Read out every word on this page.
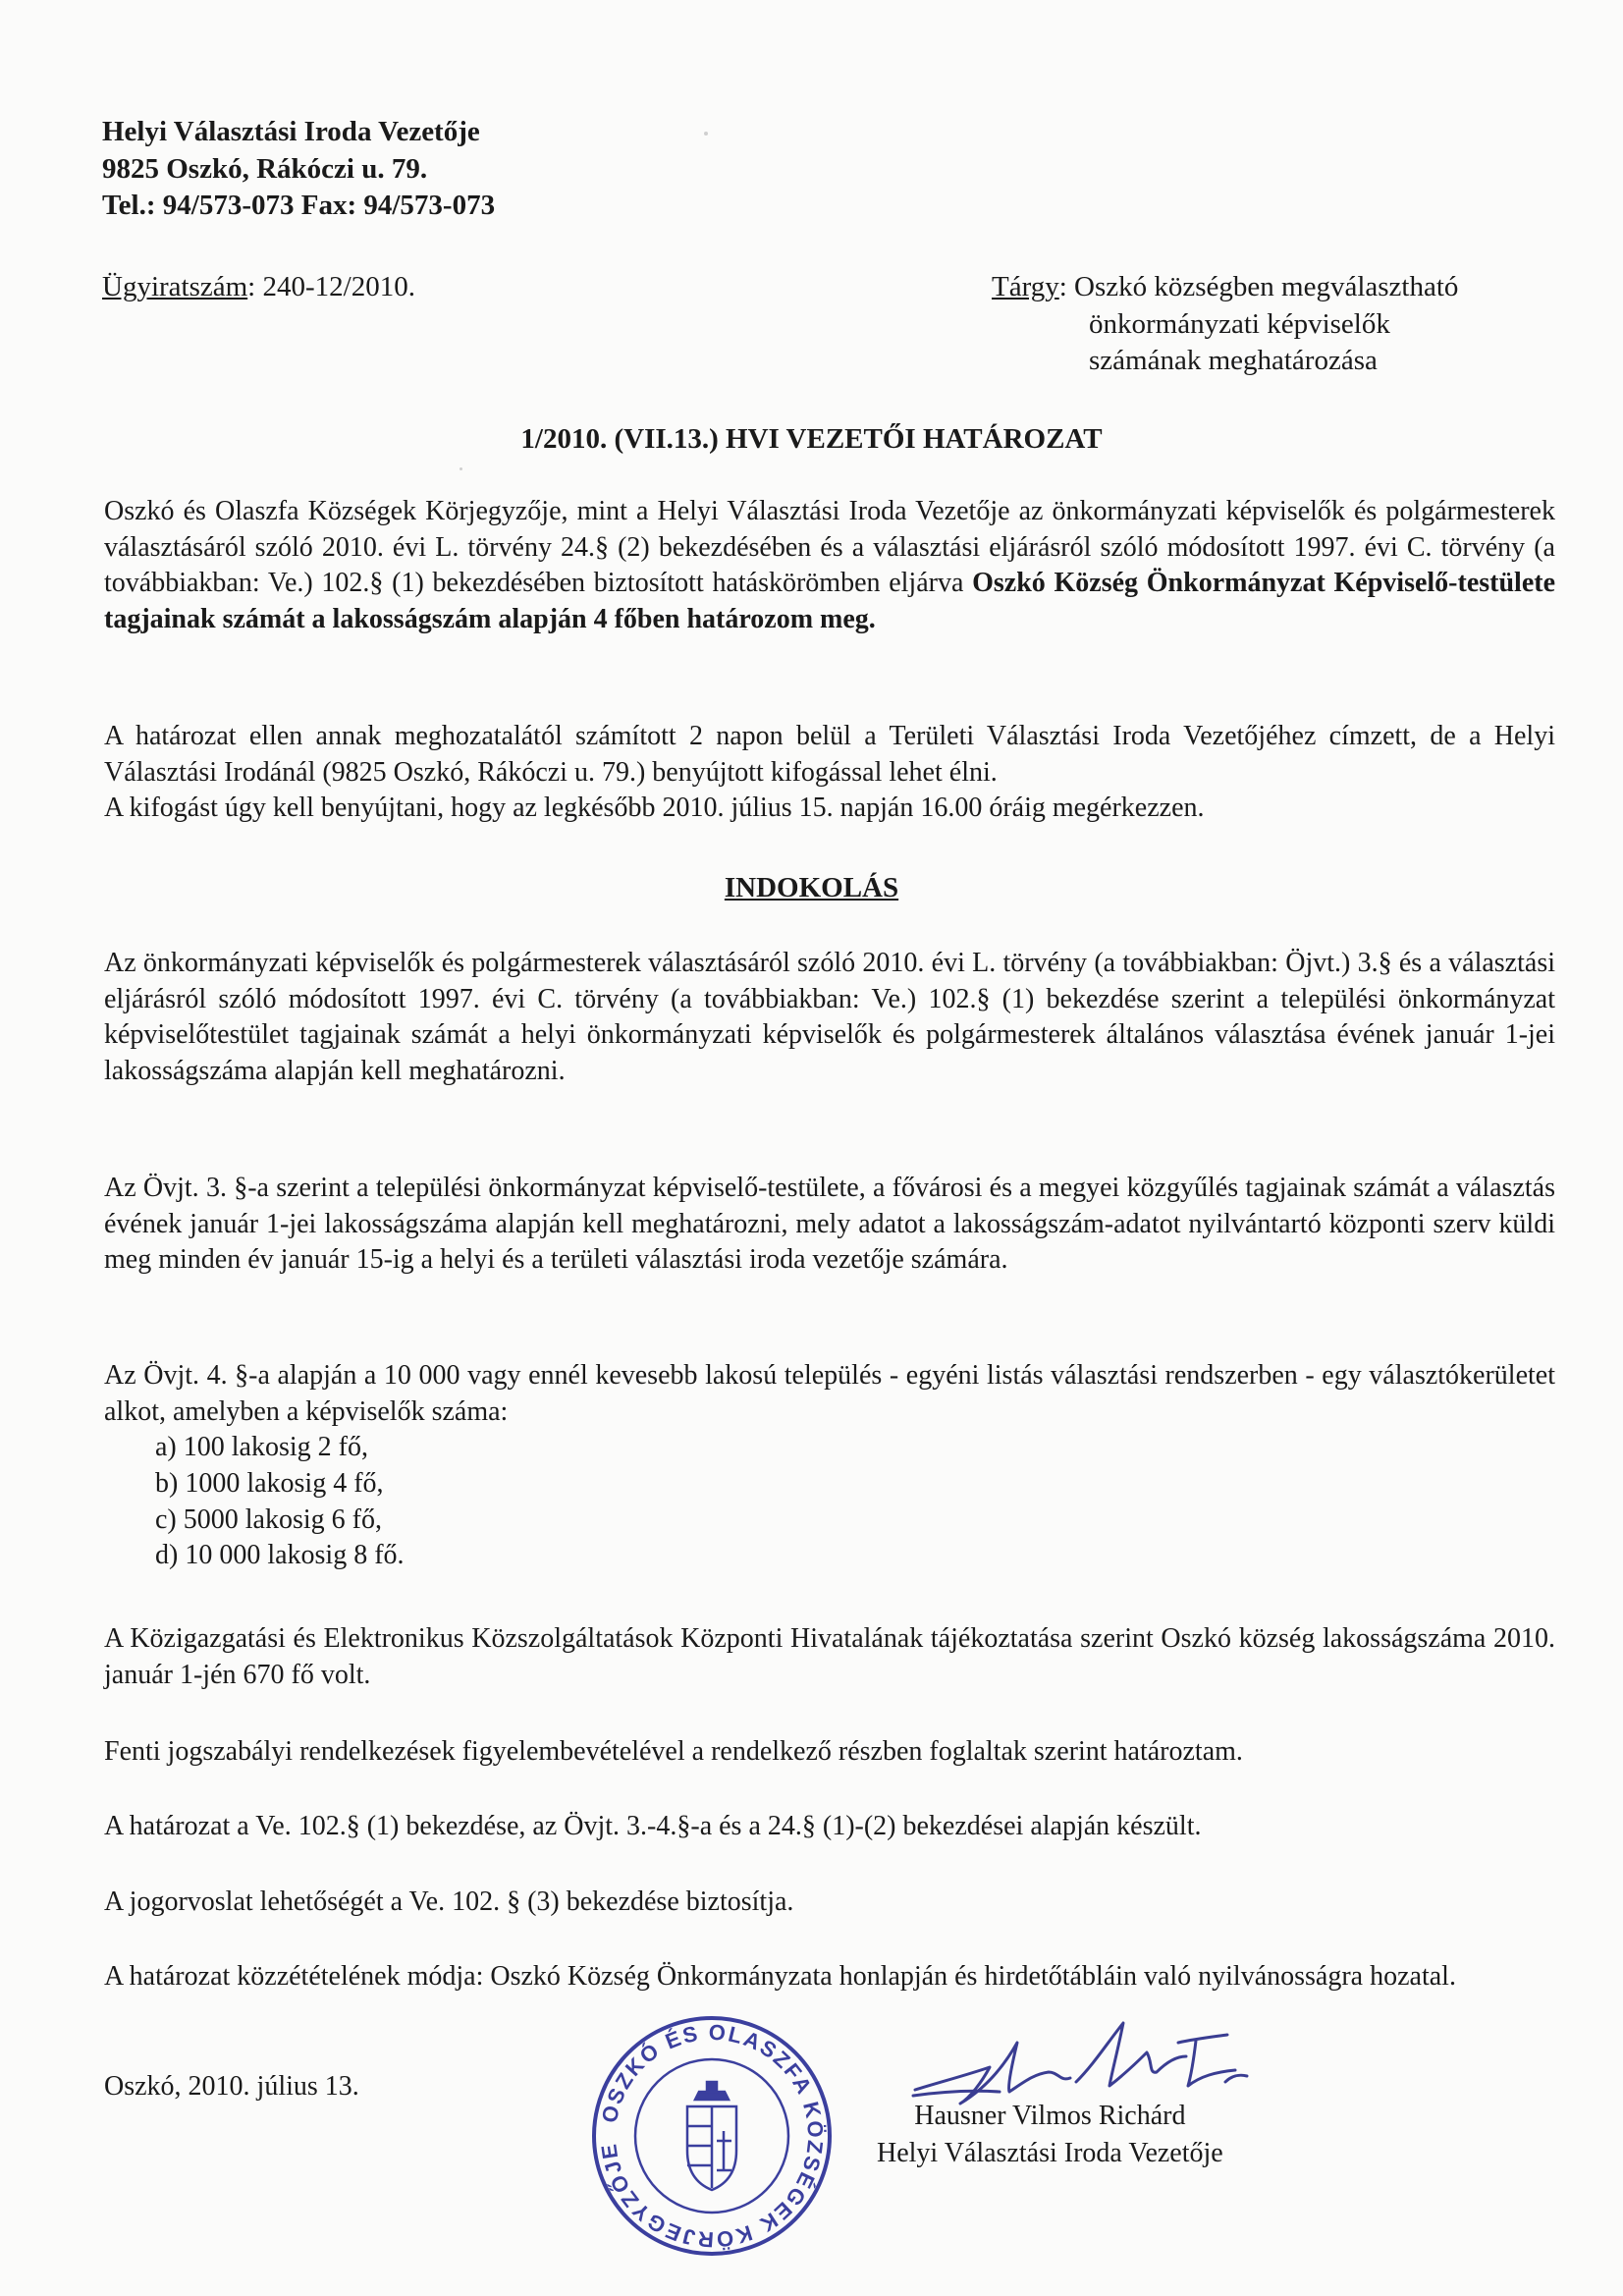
Helyi Választási Iroda Vezetője
9825 Oszkó, Rákóczi u. 79.
Tel.: 94/573-073 Fax: 94/573-073
Ügyiratszám: 240-12/2010.	Tárgy: Oszkó községben megválasztható
önkormányzati képviselők
számának meghatározása
1/2010. (VII.13.) HVI VEZETŐI HATÁROZAT

Oszkó és Olaszfa Községek Körjegyzője, mint a Helyi Választási Iroda Vezetője az önkormányzati képviselők és polgármesterek választásáról szóló 2010. évi L. törvény 24.§ (2) bekezdésében és a választási eljárásról szóló módosított 1997. évi C. törvény (a továbbiakban: Ve.) 102.§ (1) bekezdésében biztosított hatáskörömben eljárva Oszkó Község Önkormányzat Képviselő-testülete tagjainak számát a lakosságszám alapján 4 főben határozom meg.

A határozat ellen annak meghozatalától számított 2 napon belül a Területi Választási Iroda Vezetőjéhez címzett, de a Helyi Választási Irodánál (9825 Oszkó, Rákóczi u. 79.) benyújtott kifogással lehet élni.

A kifogást úgy kell benyújtani, hogy az legkésőbb 2010. július 15. napján 16.00 óráig megérkezzen.

INDOKOLÁS

Az önkormányzati képviselők és polgármesterek választásáról szóló 2010. évi L. törvény (a továbbiakban: Öjvt.) 3.§ és a választási eljárásról szóló módosított 1997. évi C. törvény (a továbbiakban: Ve.) 102.§ (1) bekezdése szerint a települési önkormányzat képviselőtestület tagjainak számát a helyi önkormányzati képviselők és polgármesterek általános választása évének január 1-jei lakosságszáma alapján kell meghatározni.

Az Övjt. 3. §-a szerint a települési önkormányzat képviselő-testülete, a fővárosi és a megyei közgyűlés tagjainak számát a választás évének január 1-jei lakosságszáma alapján kell meghatározni, mely adatot a lakosságszám-adatot nyilvántartó központi szerv küldi meg minden év január 15-ig a helyi és a területi választási iroda vezetője számára.

Az Övjt. 4. §-a alapján a 10 000 vagy ennél kevesebb lakosú település - egyéni listás választási rendszerben - egy választókerületet alkot, amelyben a képviselők száma:

a) 100 lakosig 2 fő,
b) 1000 lakosig 4 fő,
c) 5000 lakosig 6 fő,
d) 10 000 lakosig 8 fő.

A Közigazgatási és Elektronikus Közszolgáltatások Központi Hivatalának tájékoztatása szerint Oszkó község lakosságszáma 2010. január 1-jén 670 fő volt.

Fenti jogszabályi rendelkezések figyelembevételével a rendelkező részben foglaltak szerint határoztam.

A határozat a Ve. 102.§ (1) bekezdése, az Övjt. 3.-4.§-a és a 24.§ (1)-(2) bekezdései alapján készült.

A jogorvoslat lehetőségét a Ve. 102. § (3) bekezdése biztosítja.

A határozat közzétételének módja: Oszkó Község Önkormányzata honlapján és hirdetőtábláin való nyilvánosságra hozatal.

Oszkó, 2010. július 13.
OSZKÓ ÉS OLASZFA KÖZSÉGEK KÖRJEGYZŐJE
Hausner Vilmos Richárd
Helyi Választási Iroda Vezetője
